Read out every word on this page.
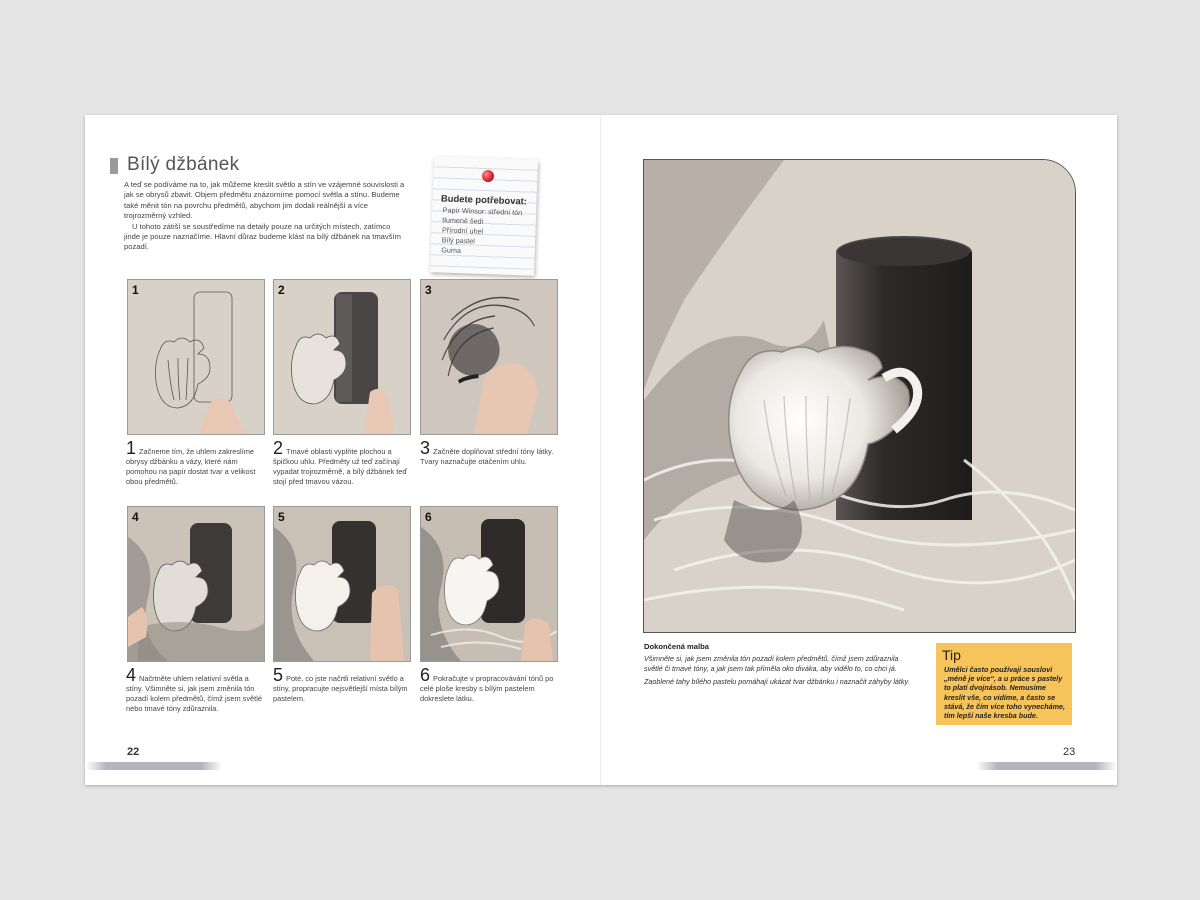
Bílý džbánek

A teď se podíváme na to, jak můžeme kreslit světlo a stín ve vzájemné souvislosti a jak se obrysů zbavit. Objem předmětu znázorníme pomocí světla a stínu. Budeme také měnit tón na povrchu předmětů, abychom jim dodali reálnější a více trojrozměrný vzhled.

U tohoto zátiší se soustředíme na detaily pouze na určitých místech, zatímco jinde je pouze naznačíme. Hlavní důraz budeme klást na bílý džbánek na tmavším pozadí.

Budete potřebovat:
Papír Winsor: střední tón tlumené šedi
Přírodní uhel
Bílý pastel
Guma
1	2	3
1 Začneme tím, že uhlem zakreslíme obrysy džbánku a vázy, které nám pomohou na papír dostat tvar a velikost obou předmětů.
2 Tmavé oblasti vyplňte plochou a špičkou uhlu. Předměty už teď začínají vypadat trojrozměrně, a bílý džbánek teď stojí před tmavou vázou.
3 Začněte doplňovat střední tóny látky. Tvary naznačujte otáčením uhlu.
4	5	6
4 Načrtněte uhlem relativní světla a stíny. Všimněte si, jak jsem změnila tón pozadí kolem předmětů, čímž jsem světlé nebo tmavé tóny zdůraznila.
5 Poté, co jste načrtli relativní světlo a stíny, propracujte nejsvětlejší místa bílým pastelem.
6 Pokračujte v propracovávání tónů po celé ploše kresby s bílým pastelem dokreslete látku.
22
Dokončená malba

Všimněte si, jak jsem změnila tón pozadí kolem předmětů, čímž jsem zdůraznila světlé či tmavé tóny, a jak jsem tak přiměla oko diváka, aby vidělo to, co chci já.

Zaoblené tahy bílého pastelu pomáhají ukázat tvar džbánku i naznačit záhyby látky.

Tip
Umělci často používají souslovi „méně je více“, a u práce s pastely to platí dvojnásob. Nemusíme kreslit vše, co vidíme, a často se stává, že čím více toho vynecháme, tím lepší naše kresba bude.
23
